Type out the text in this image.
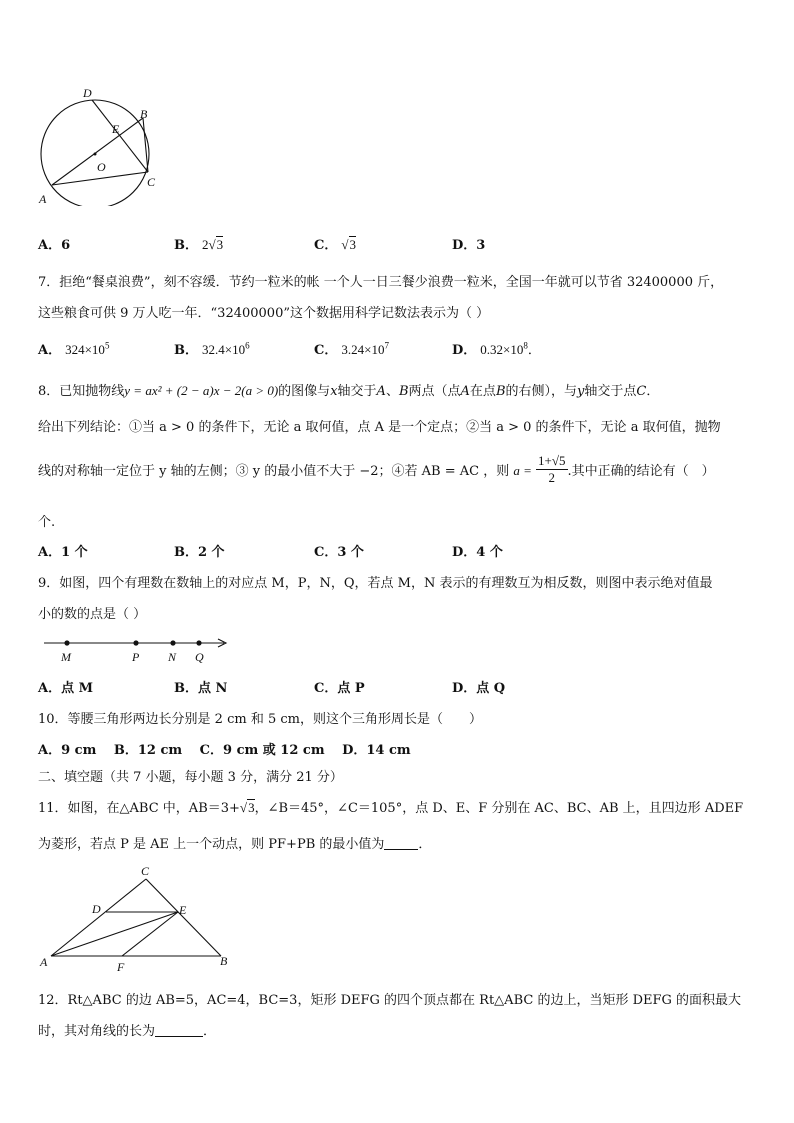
D
B
E
O
A
C
A．6	B． 2√3	C． √3	D．3
7．拒绝“餐桌浪费”，刻不容缓．节约一粒米的帐 一个人一日三餐少浪费一粒米，全国一年就可以节省 32400000 斤，
这些粮食可供 9 万人吃一年．“32400000”这个数据用科学记数法表示为（ ）
A． $324\times 10^5$	B． $32.4\times 10^6$	C． $3.24\times 10^7$	D． $0.32\times 10^8$．
8．已知抛物线y = ax² + (2 − a)x − 2(a > 0)的图像与x轴交于A、B两点（点A在点B的右侧），与y轴交于点C．
给出下列结论：①当 a > 0 的条件下，无论 a 取何值，点 A 是一个定点；②当 a > 0 的条件下，无论 a 取何值，抛物
线的对称轴一定位于 y 轴的左侧；③ y 的最小值不大于 −2；④若 AB = AC ，则 $a = \frac{1+√5}{2}$ .其中正确的结论有（　）
个.
A．1 个	B．2 个	C．3 个	D．4 个
9．如图，四个有理数在数轴上的对应点 M，P，N，Q，若点 M，N 表示的有理数互为相反数，则图中表示绝对值最
小的数的点是（ ）
M	P N Q
A．点 M	B．点 N	C．点 P	D．点 Q
10．等腰三角形两边长分别是 2 cm 和 5 cm，则这个三角形周长是（　　）
A．9 cm　 B．12 cm　 C．9 cm 或 12 cm　 D．14 cm
二、填空题（共 7 小题，每小题 3 分，满分 21 分）
11．如图，在△ABC 中，AB＝3+√3，∠B＝45°，∠C＝105°，点 D、E、F 分别在 AC、BC、AB 上，且四边形 ADEF
为菱形，若点 P 是 AE 上一个动点，则 PF+PB 的最小值为	．
C
D	E
A	F	B
12．Rt△ABC 的边 AB=5，AC=4，BC=3，矩形 DEFG 的四个顶点都在 Rt△ABC 的边上，当矩形 DEFG 的面积最大
时，其对角线的长为	．
